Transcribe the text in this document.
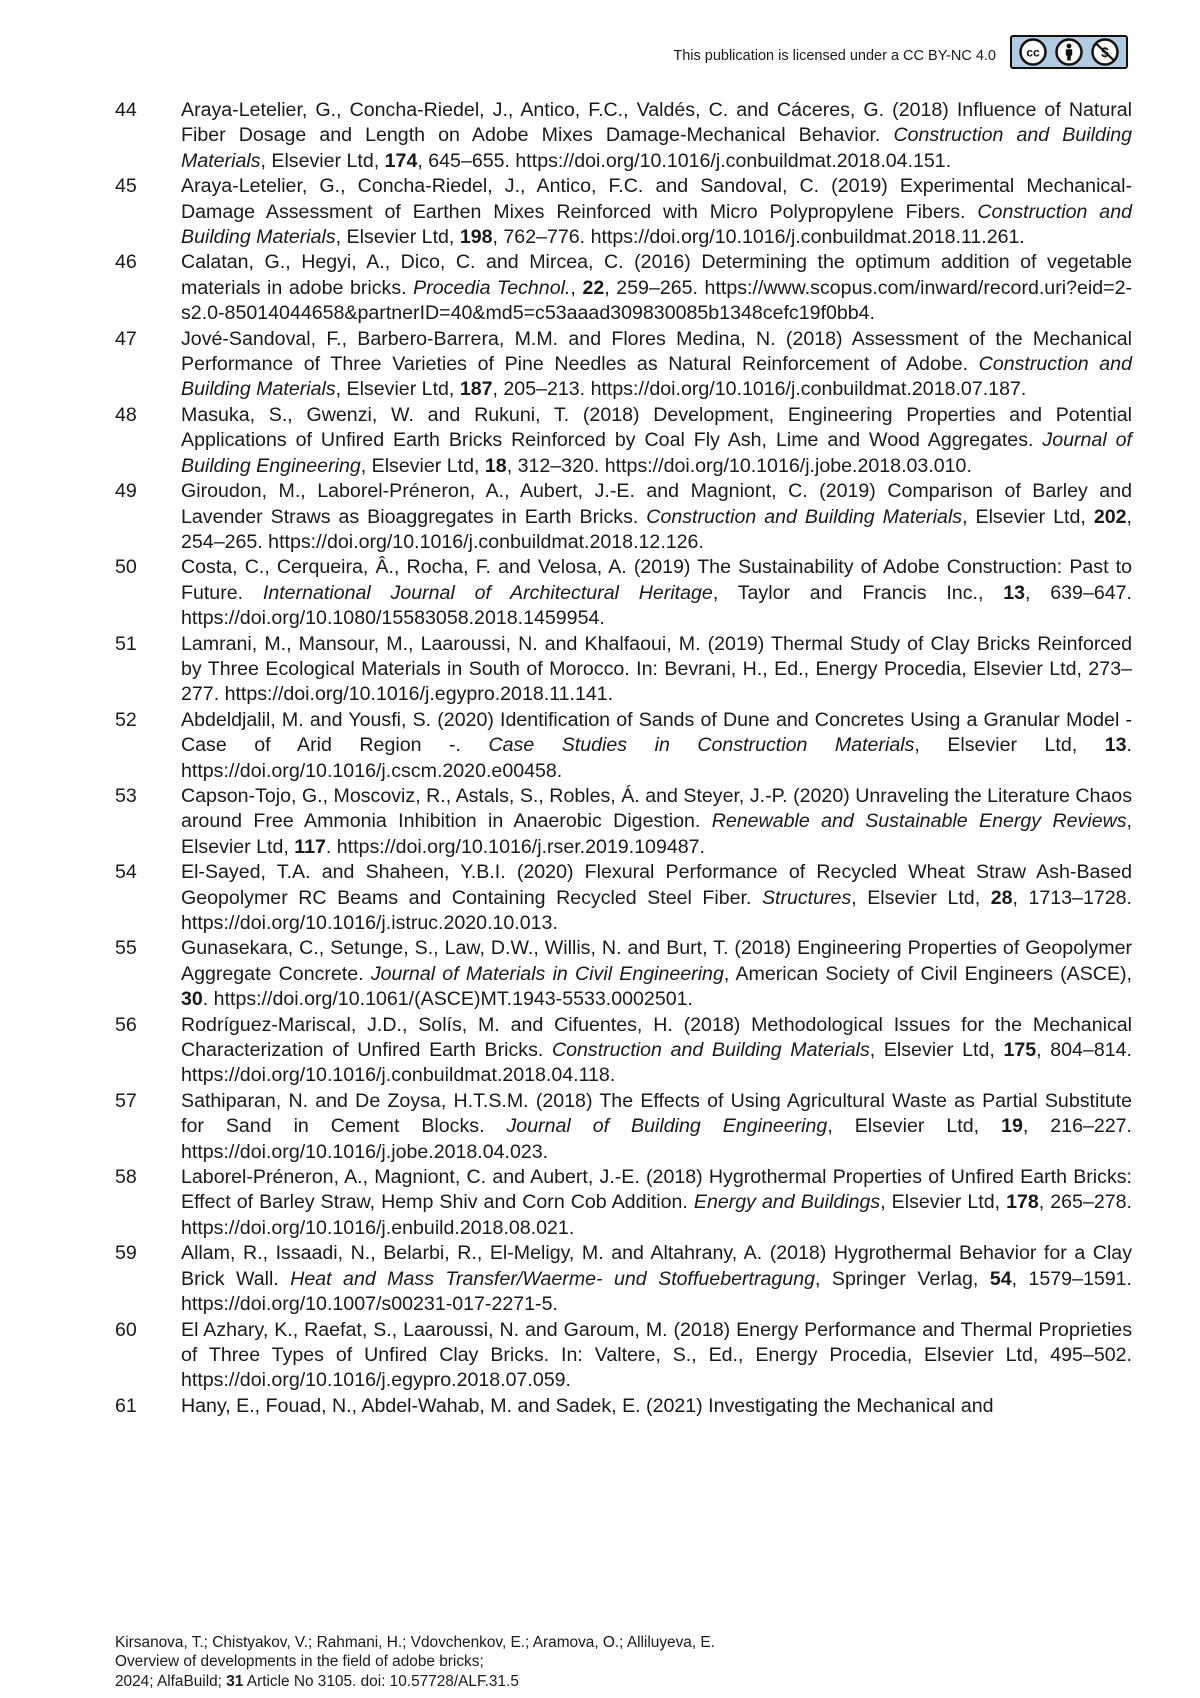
This publication is licensed under a CC BY-NC 4.0	cc
44	Araya-Letelier, G., Concha-Riedel, J., Antico, F.C., Valdés, C. and Cáceres, G. (2018) Influence of Natural Fiber Dosage and Length on Adobe Mixes Damage-Mechanical Behavior. Construction and Building Materials, Elsevier Ltd, 174, 645–655. https://doi.org/10.1016/j.conbuildmat.2018.04.151.
45	Araya-Letelier, G., Concha-Riedel, J., Antico, F.C. and Sandoval, C. (2019) Experimental Mechanical-Damage Assessment of Earthen Mixes Reinforced with Micro Polypropylene Fibers. Construction and Building Materials, Elsevier Ltd, 198, 762–776. https://doi.org/10.1016/j.conbuildmat.2018.11.261.
46	Calatan, G., Hegyi, A., Dico, C. and Mircea, C. (2016) Determining the optimum addition of vegetable materials in adobe bricks. Procedia Technol., 22, 259–265. https://www.scopus.com/inward/record.uri?eid=2-s2.0-85014044658&partnerID=40&md5=c53aaad309830085b1348cefc19f0bb4.
47	Jové-Sandoval, F., Barbero-Barrera, M.M. and Flores Medina, N. (2018) Assessment of the Mechanical Performance of Three Varieties of Pine Needles as Natural Reinforcement of Adobe. Construction and Building Materials, Elsevier Ltd, 187, 205–213. https://doi.org/10.1016/j.conbuildmat.2018.07.187.
48	Masuka, S., Gwenzi, W. and Rukuni, T. (2018) Development, Engineering Properties and Potential Applications of Unfired Earth Bricks Reinforced by Coal Fly Ash, Lime and Wood Aggregates. Journal of Building Engineering, Elsevier Ltd, 18, 312–320. https://doi.org/10.1016/j.jobe.2018.03.010.
49	Giroudon, M., Laborel-Préneron, A., Aubert, J.-E. and Magniont, C. (2019) Comparison of Barley and Lavender Straws as Bioaggregates in Earth Bricks. Construction and Building Materials, Elsevier Ltd, 202, 254–265. https://doi.org/10.1016/j.conbuildmat.2018.12.126.
50	Costa, C., Cerqueira, Â., Rocha, F. and Velosa, A. (2019) The Sustainability of Adobe Construction: Past to Future. International Journal of Architectural Heritage, Taylor and Francis Inc., 13, 639–647. https://doi.org/10.1080/15583058.2018.1459954.
51	Lamrani, M., Mansour, M., Laaroussi, N. and Khalfaoui, M. (2019) Thermal Study of Clay Bricks Reinforced by Three Ecological Materials in South of Morocco. In: Bevrani, H., Ed., Energy Procedia, Elsevier Ltd, 273–277. https://doi.org/10.1016/j.egypro.2018.11.141.
52	Abdeldjalil, M. and Yousfi, S. (2020) Identification of Sands of Dune and Concretes Using a Granular Model - Case of Arid Region -. Case Studies in Construction Materials, Elsevier Ltd, 13. https://doi.org/10.1016/j.cscm.2020.e00458.
53	Capson-Tojo, G., Moscoviz, R., Astals, S., Robles, Á. and Steyer, J.-P. (2020) Unraveling the Literature Chaos around Free Ammonia Inhibition in Anaerobic Digestion. Renewable and Sustainable Energy Reviews, Elsevier Ltd, 117. https://doi.org/10.1016/j.rser.2019.109487.
54	El-Sayed, T.A. and Shaheen, Y.B.I. (2020) Flexural Performance of Recycled Wheat Straw Ash-Based Geopolymer RC Beams and Containing Recycled Steel Fiber. Structures, Elsevier Ltd, 28, 1713–1728. https://doi.org/10.1016/j.istruc.2020.10.013.
55	Gunasekara, C., Setunge, S., Law, D.W., Willis, N. and Burt, T. (2018) Engineering Properties of Geopolymer Aggregate Concrete. Journal of Materials in Civil Engineering, American Society of Civil Engineers (ASCE), 30. https://doi.org/10.1061/(ASCE)MT.1943-5533.0002501.
56	Rodríguez-Mariscal, J.D., Solís, M. and Cifuentes, H. (2018) Methodological Issues for the Mechanical Characterization of Unfired Earth Bricks. Construction and Building Materials, Elsevier Ltd, 175, 804–814. https://doi.org/10.1016/j.conbuildmat.2018.04.118.
57	Sathiparan, N. and De Zoysa, H.T.S.M. (2018) The Effects of Using Agricultural Waste as Partial Substitute for Sand in Cement Blocks. Journal of Building Engineering, Elsevier Ltd, 19, 216–227. https://doi.org/10.1016/j.jobe.2018.04.023.
58	Laborel-Préneron, A., Magniont, C. and Aubert, J.-E. (2018) Hygrothermal Properties of Unfired Earth Bricks: Effect of Barley Straw, Hemp Shiv and Corn Cob Addition. Energy and Buildings, Elsevier Ltd, 178, 265–278. https://doi.org/10.1016/j.enbuild.2018.08.021.
59	Allam, R., Issaadi, N., Belarbi, R., El-Meligy, M. and Altahrany, A. (2018) Hygrothermal Behavior for a Clay Brick Wall. Heat and Mass Transfer/Waerme- und Stoffuebertragung, Springer Verlag, 54, 1579–1591. https://doi.org/10.1007/s00231-017-2271-5.
60	El Azhary, K., Raefat, S., Laaroussi, N. and Garoum, M. (2018) Energy Performance and Thermal Proprieties of Three Types of Unfired Clay Bricks. In: Valtere, S., Ed., Energy Procedia, Elsevier Ltd, 495–502. https://doi.org/10.1016/j.egypro.2018.07.059.
61	Hany, E., Fouad, N., Abdel-Wahab, M. and Sadek, E. (2021) Investigating the Mechanical and
Kirsanova, T.; Chistyakov, V.; Rahmani, H.; Vdovchenkov, E.; Aramova, O.; Alliluyeva, E.
Overview of developments in the field of adobe bricks;
2024; AlfaBuild; 31 Article No 3105. doi: 10.57728/ALF.31.5
